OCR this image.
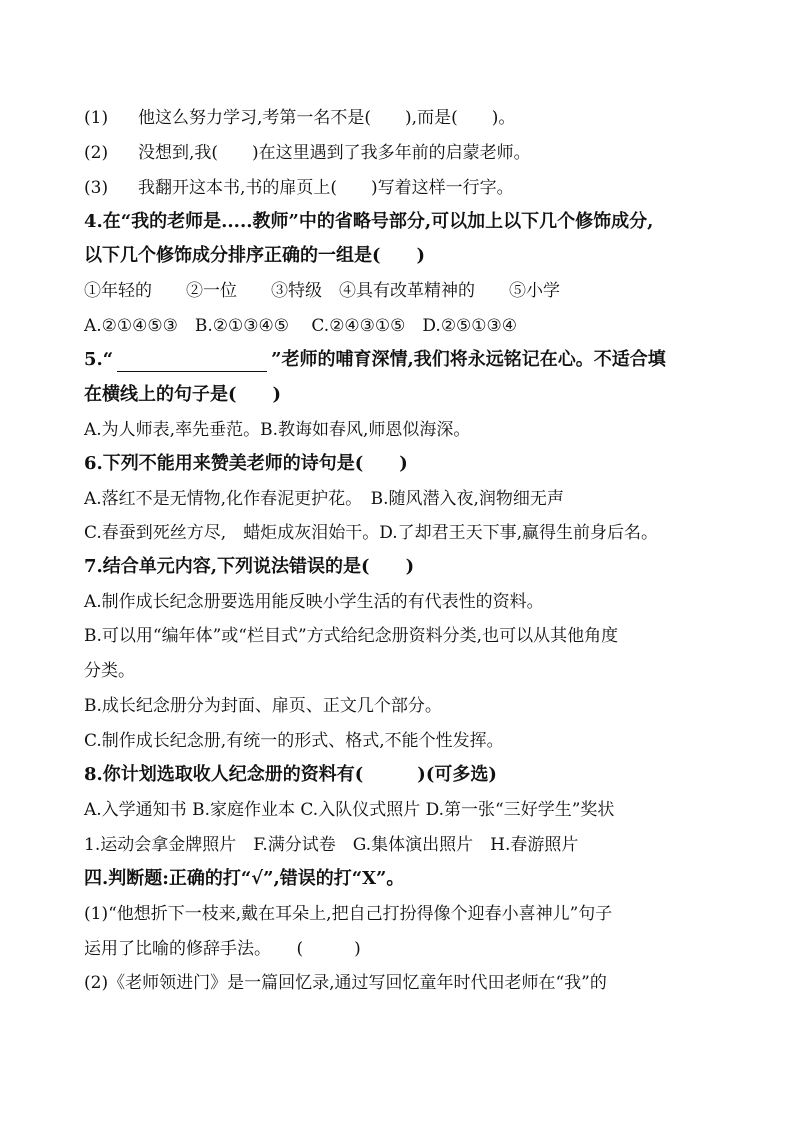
(1) 他这么努力学习,考第一名不是(　　),而是(　　)。
(2) 没想到,我(　　)在这里遇到了我多年前的启蒙老师。
(3) 我翻开这本书,书的扉页上(　　)写着这样一行字。
4.在“我的老师是.....教师”中的省略号部分,可以加上以下几个修饰成分,
以下几个修饰成分排序正确的一组是(　　)
①年轻的　　②一位　　③特级　④具有改革精神的　　⑤小学
A.②①④⑤③　B.②①③④⑤　 C.②④③①⑤　D.②⑤①③④
5.“	”老师的哺育深情,我们将永远铭记在心。不适合填
在横线上的句子是(　　)
A.为人师表,率先垂范。B.教诲如春风,师恩似海深。
6.下列不能用来赞美老师的诗句是(　　)
A.落红不是无情物,化作春泥更护花。　B.随风潜入夜,润物细无声
C.春蚕到死丝方尽,　蜡炬成灰泪始干。D.了却君王天下事,赢得生前身后名。
7.结合单元内容,下列说法错误的是(　　)
A.制作成长纪念册要选用能反映小学生活的有代表性的资料。
B.可以用“编年体”或“栏目式”方式给纪念册资料分类,也可以从其他角度
分类。
B.成长纪念册分为封面、扉页、正文几个部分。
C.制作成长纪念册,有统一的形式、格式,不能个性发挥。
8.你计划选取收人纪念册的资料有(　　　)(可多选)
A.入学通知书 B.家庭作业本 C.入队仪式照片 D.第一张“三好学生”奖状
1.运动会拿金牌照片　F.满分试卷　G.集体演出照片　H.春游照片
四.判断题:正确的打“√”,错误的打“X”。
(1)“他想折下一枝来,戴在耳朵上,把自己打扮得像个迎春小喜神儿”句子
运用了比喻的修辞手法。　　(　　　)
(2)《老师领进门》是一篇回忆录,通过写回忆童年时代田老师在“我”的
